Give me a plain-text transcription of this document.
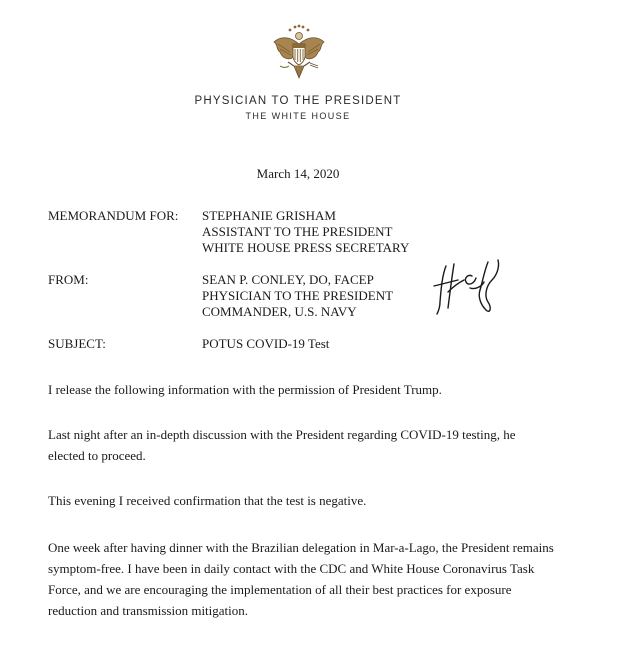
PHYSICIAN TO THE PRESIDENT
THE WHITE HOUSE
March 14, 2020
MEMORANDUM FOR: STEPHANIE GRISHAM
ASSISTANT TO THE PRESIDENT
WHITE HOUSE PRESS SECRETARY
FROM:	SEAN P. CONLEY, DO, FACEP
PHYSICIAN TO THE PRESIDENT
COMMANDER, U.S. NAVY
SUBJECT:	POTUS COVID-19 Test
I release the following information with the permission of President Trump.
Last night after an in-depth discussion with the President regarding COVID-19 testing, he
elected to proceed.
This evening I received confirmation that the test is negative.
One week after having dinner with the Brazilian delegation in Mar-a-Lago, the President remains
symptom-free. I have been in daily contact with the CDC and White House Coronavirus Task
Force, and we are encouraging the implementation of all their best practices for exposure
reduction and transmission mitigation.
